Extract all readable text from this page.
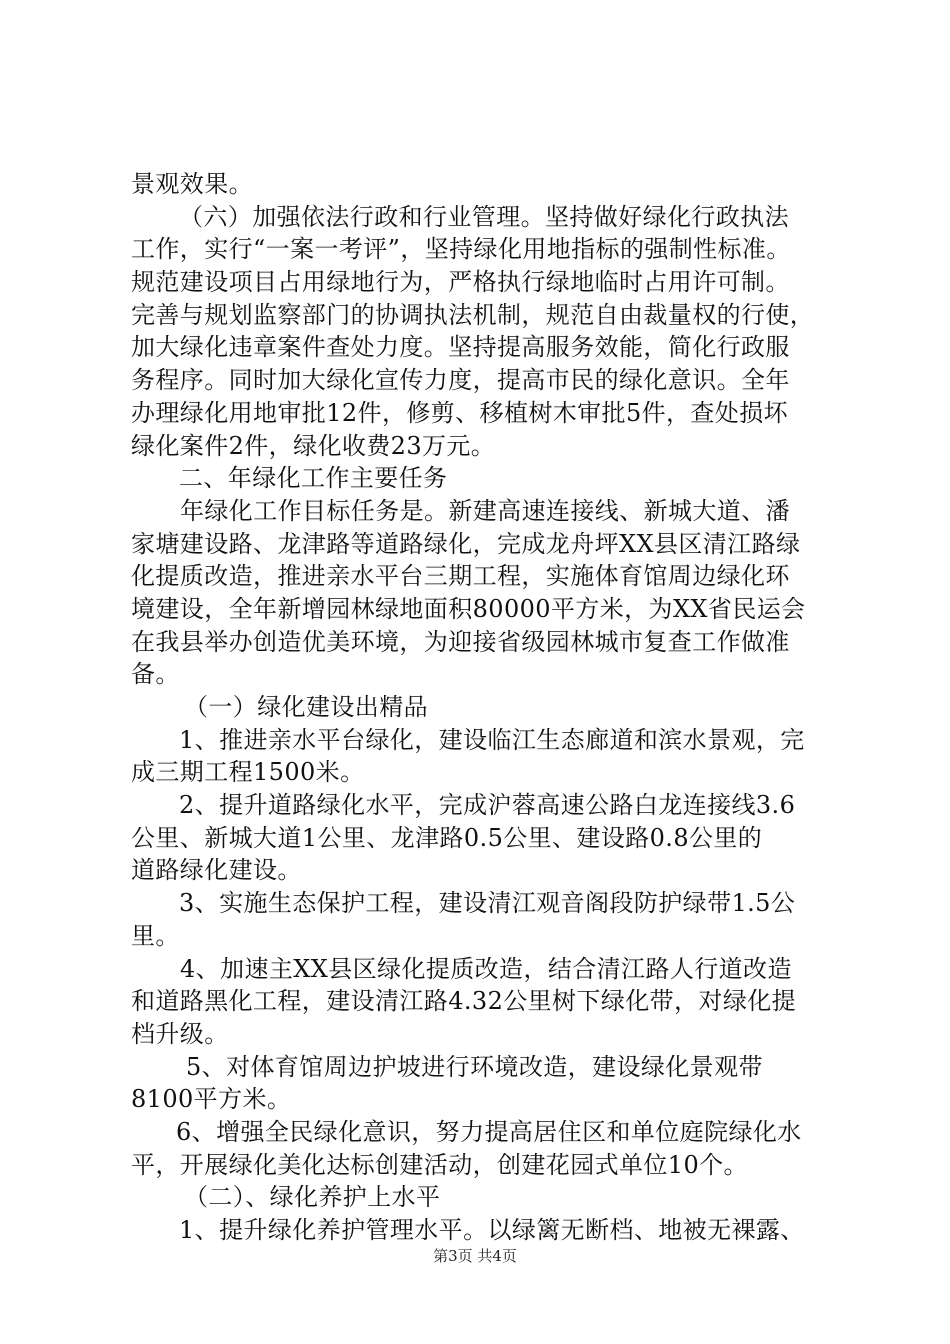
景观效果。
（六）加强依法行政和行业管理。坚持做好绿化行政执法
工作，实行“一案一考评”，坚持绿化用地指标的强制性标准。
规范建设项目占用绿地行为，严格执行绿地临时占用许可制。
完善与规划监察部门的协调执法机制，规范自由裁量权的行使，
加大绿化违章案件查处力度。坚持提高服务效能，简化行政服
务程序。同时加大绿化宣传力度，提高市民的绿化意识。全年
办理绿化用地审批12件，修剪、移植树木审批5件，查处损坏
绿化案件2件，绿化收费23万元。
二、年绿化工作主要任务
年绿化工作目标任务是。新建高速连接线、新城大道、潘
家塘建设路、龙津路等道路绿化，完成龙舟坪XX县区清江路绿
化提质改造，推进亲水平台三期工程，实施体育馆周边绿化环
境建设，全年新增园林绿地面积80000平方米，为XX省民运会
在我县举办创造优美环境，为迎接省级园林城市复查工作做准
备。
（一）绿化建设出精品
1、推进亲水平台绿化，建设临江生态廊道和滨水景观，完
成三期工程1500米。
2、提升道路绿化水平，完成沪蓉高速公路白龙连接线3.6
公里、新城大道1公里、龙津路0.5公里、建设路0.8公里的
道路绿化建设。
3、实施生态保护工程，建设清江观音阁段防护绿带1.5公
里。
4、加速主XX县区绿化提质改造，结合清江路人行道改造
和道路黑化工程，建设清江路4.32公里树下绿化带，对绿化提
档升级。
5、对体育馆周边护坡进行环境改造，建设绿化景观带
8100平方米。
6、增强全民绿化意识，努力提高居住区和单位庭院绿化水
平，开展绿化美化达标创建活动，创建花园式单位10个。
（二）、绿化养护上水平
1、提升绿化养护管理水平。以绿篱无断档、地被无裸露、
第3页 共4页
